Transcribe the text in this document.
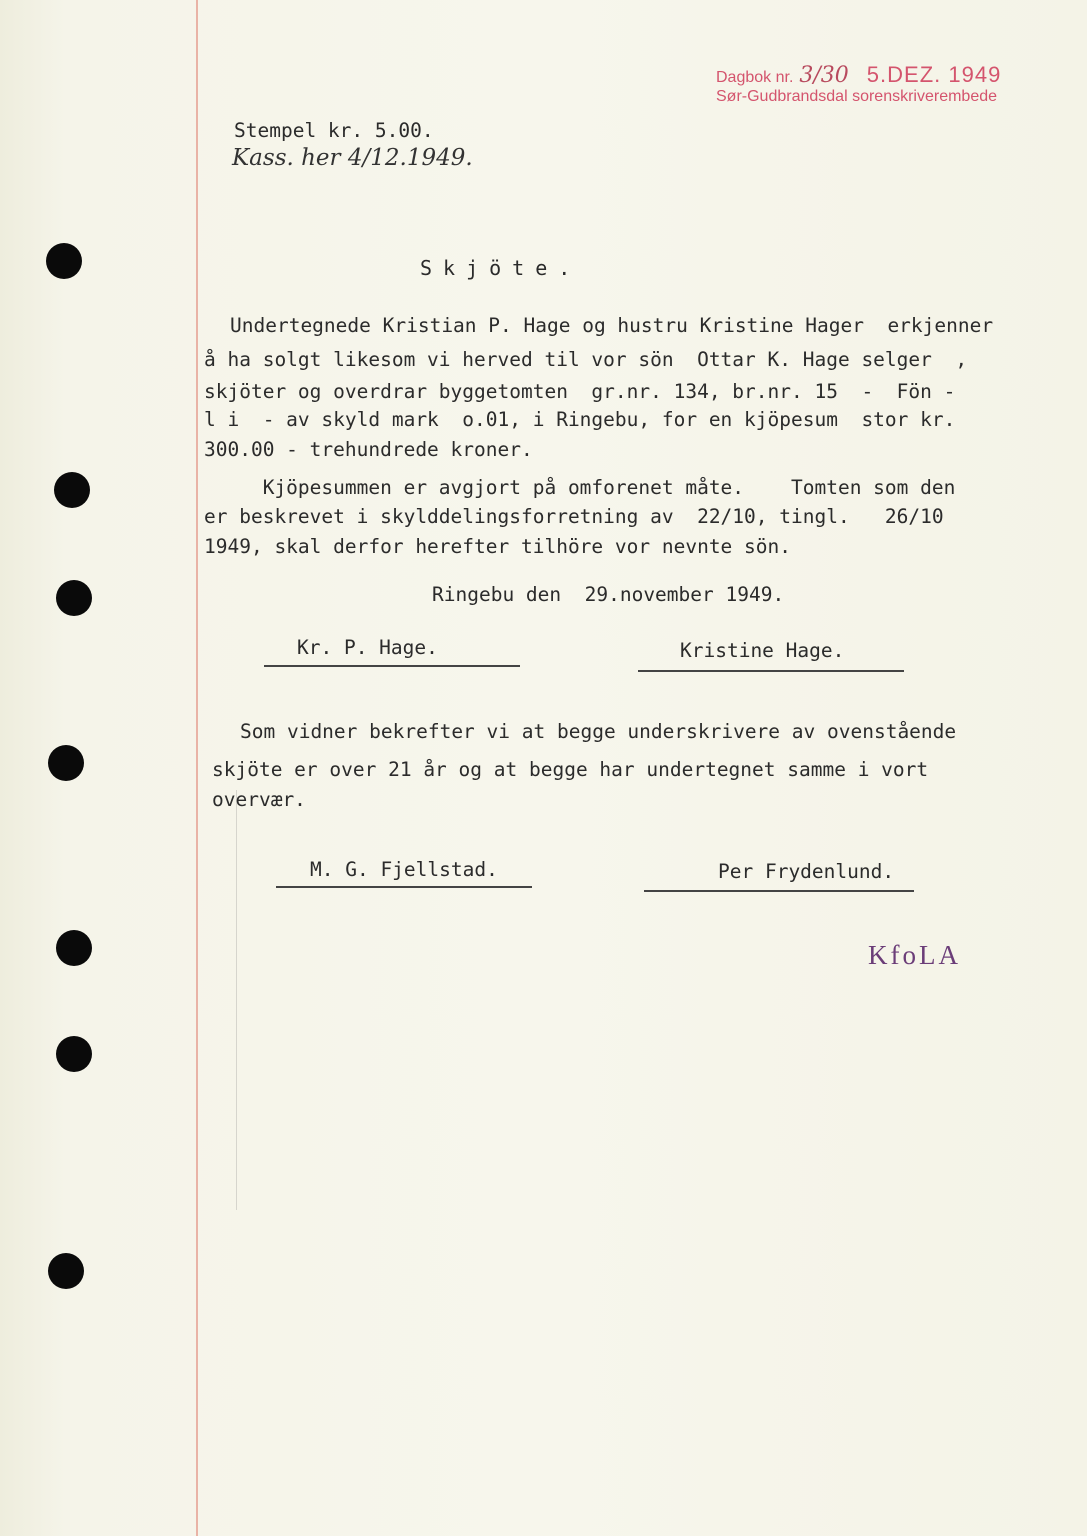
Dagbok nr. 3/30 5.DEZ. 1949
Sør-Gudbrandsdal sorenskriverembede
Stempel kr. 5.00.
Kass. her 4/12.1949.
Skjöte.
Undertegnede Kristian P. Hage og hustru Kristine Hager  erkjenner
å ha solgt likesom vi herved til vor sön  Ottar K. Hage selger  ,
skjöter og overdrar byggetomten  gr.nr. 134, br.nr. 15  -  Fön -
l i  - av skyld mark  o.01, i Ringebu, for en kjöpesum  stor kr.
300.00 - trehundrede kroner.
Kjöpesummen er avgjort på omforenet måte.    Tomten som den
er beskrevet i skylddelingsforretning av  22/10, tingl.   26/10
1949, skal derfor herefter tilhöre vor nevnte sön.
Ringebu den  29.november 1949.
Kr. P. Hage.	Kristine Hage.
Som vidner bekrefter vi at begge underskrivere av ovenstående
skjöte er over 21 år og at begge har undertegnet samme i vort
overvær.
M. G. Fjellstad.	Per Frydenlund.
KfoLA
